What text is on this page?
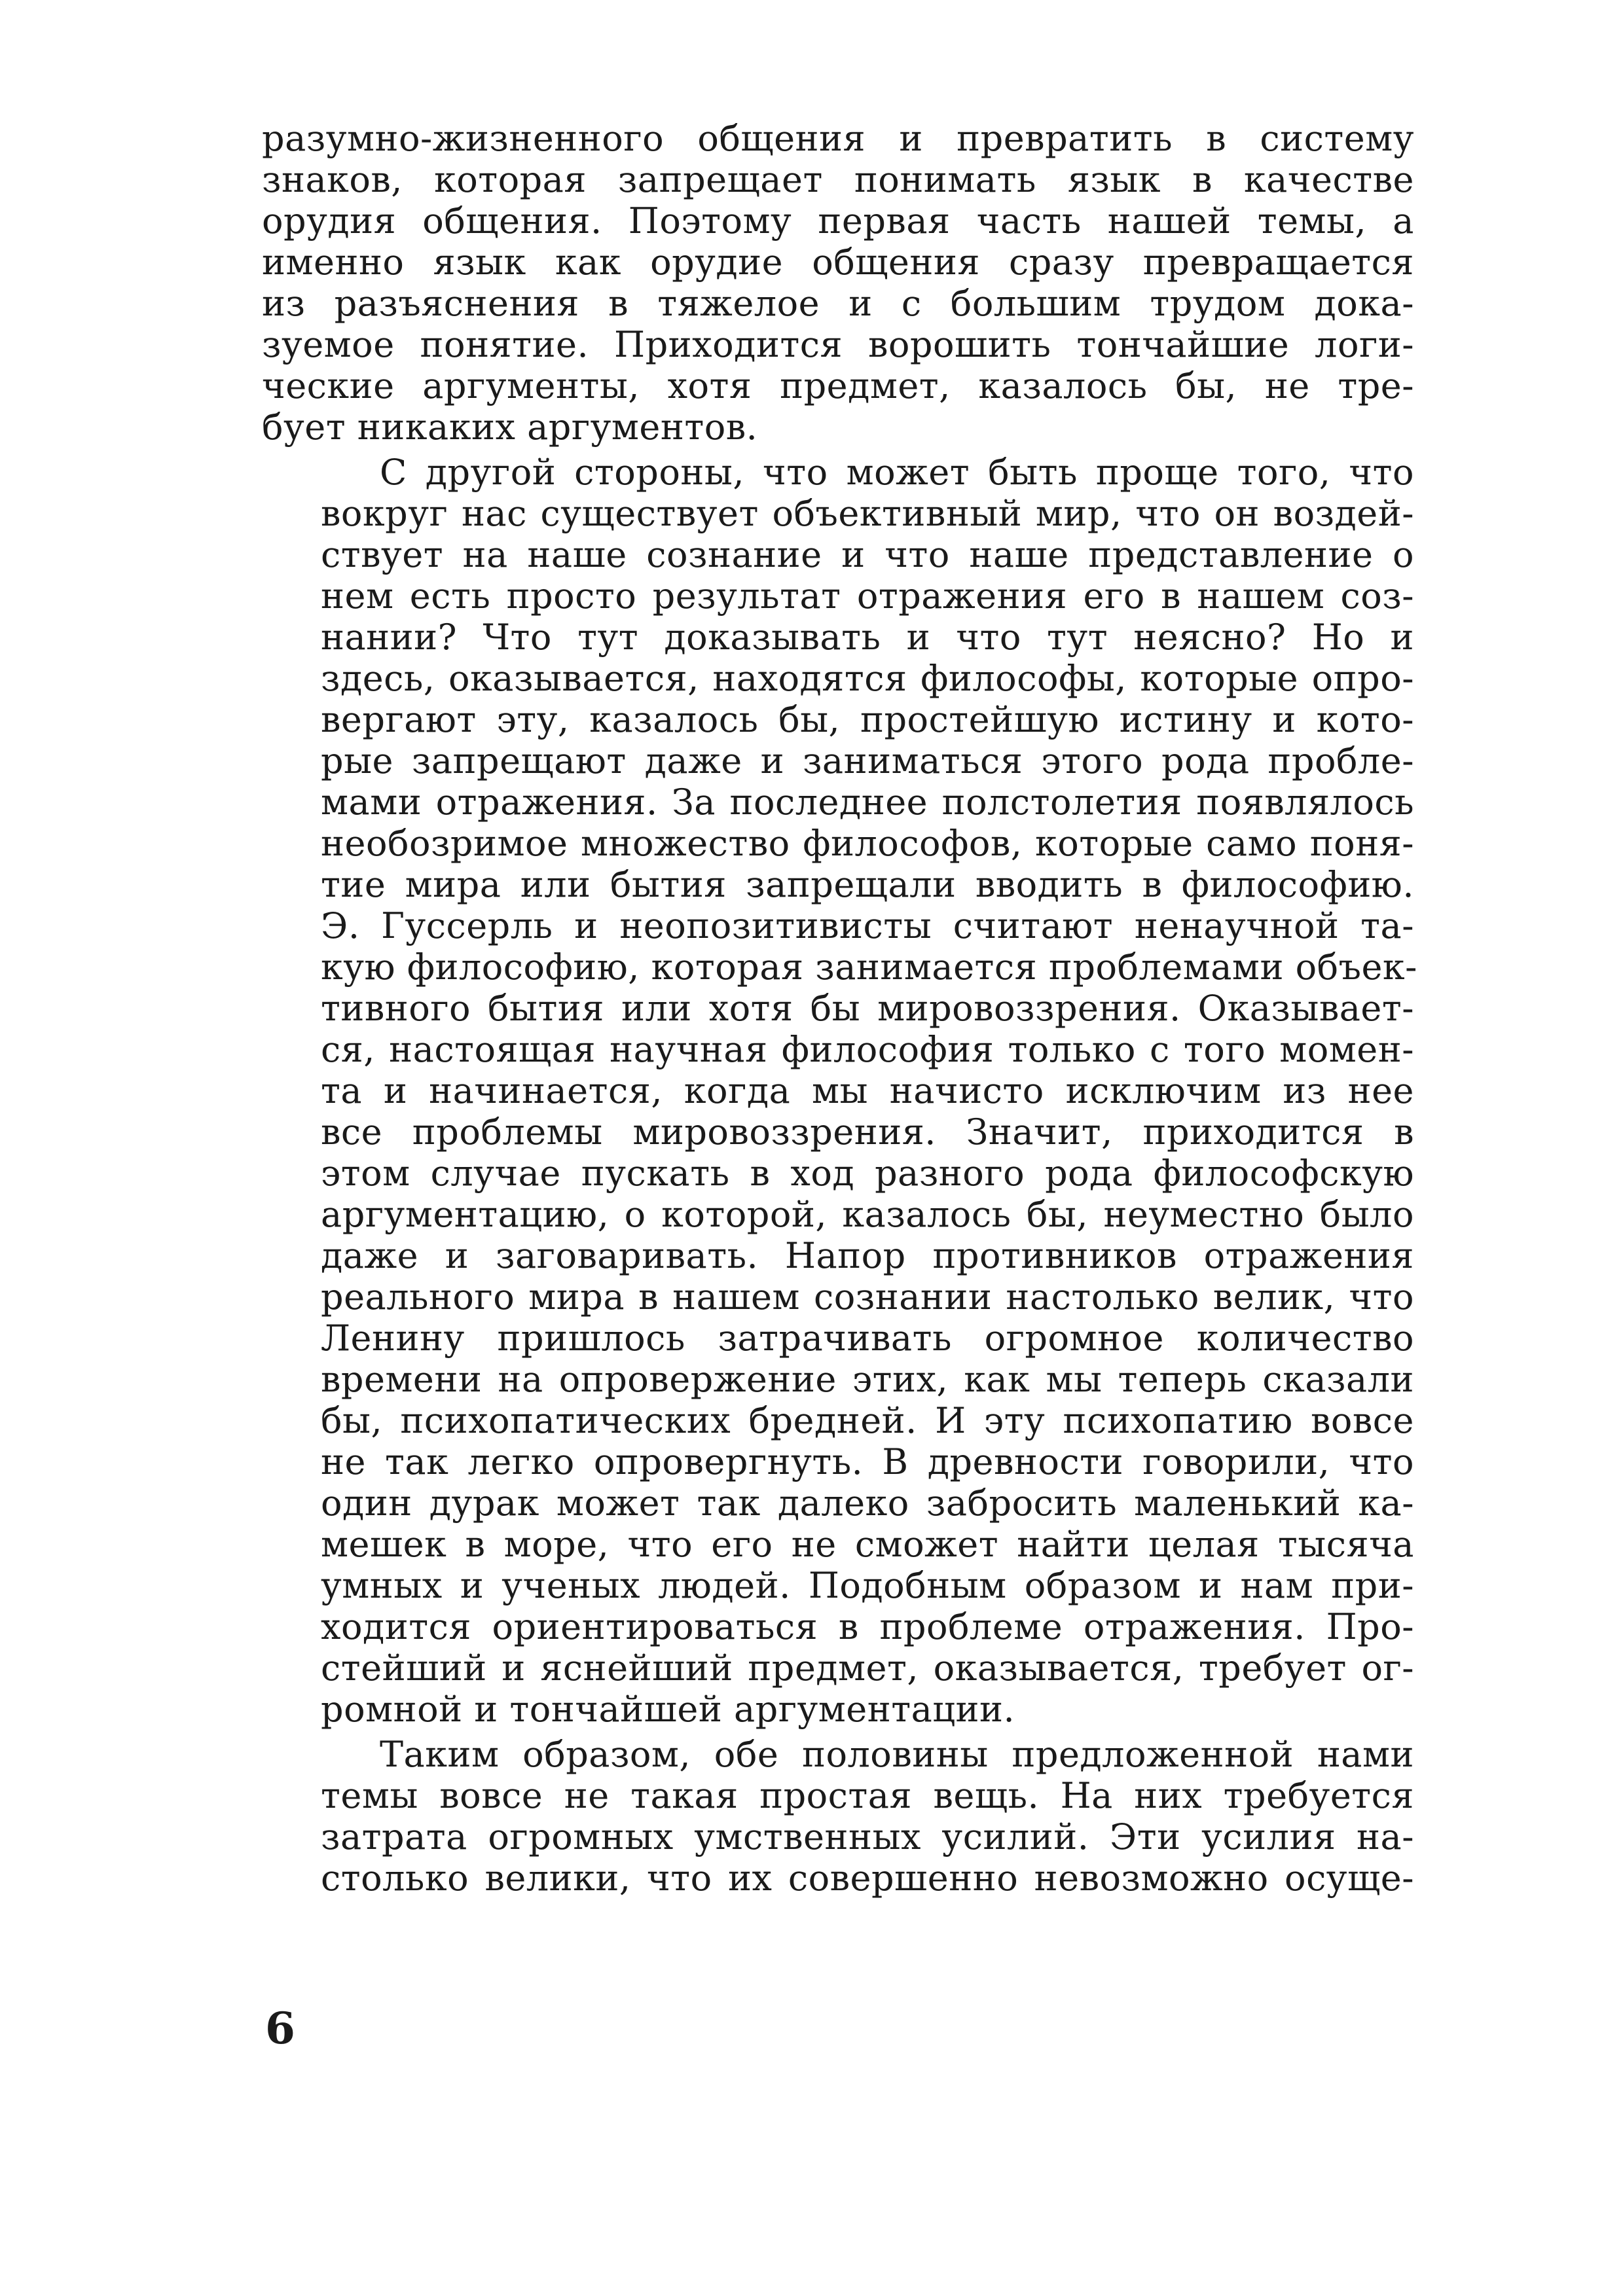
разумно-жизненного общения и превратить в систему
знаков, которая запрещает понимать язык в качестве
орудия общения. Поэтому первая часть нашей темы, а
именно язык как орудие общения сразу превращается
из разъяснения в тяжелое и с большим трудом дока-
зуемое понятие. Приходится ворошить тончайшие логи-
ческие аргументы, хотя предмет, казалось бы, не тре-
бует никаких аргументов.
С другой стороны, что может быть проще того, что
вокруг нас существует объективный мир, что он воздей-
ствует на наше сознание и что наше представление о
нем есть просто результат отражения его в нашем соз-
нании? Что тут доказывать и что тут неясно? Но и
здесь, оказывается, находятся философы, которые опро-
вергают эту, казалось бы, простейшую истину и кото-
рые запрещают даже и заниматься этого рода пробле-
мами отражения. За последнее полстолетия появлялось
необозримое множество философов, которые само поня-
тие мира или бытия запрещали вводить в философию.
Э. Гуссерль и неопозитивисты считают ненаучной та-
кую философию, которая занимается проблемами объек-
тивного бытия или хотя бы мировоззрения. Оказывает-
ся, настоящая научная философия только с того момен-
та и начинается, когда мы начисто исключим из нее
все проблемы мировоззрения. Значит, приходится в
этом случае пускать в ход разного рода философскую
аргументацию, о которой, казалось бы, неуместно было
даже и заговаривать. Напор противников отражения
реального мира в нашем сознании настолько велик, что
Ленину пришлось затрачивать огромное количество
времени на опровержение этих, как мы теперь сказали
бы, психопатических бредней. И эту психопатию вовсе
не так легко опровергнуть. В древности говорили, что
один дурак может так далеко забросить маленький ка-
мешек в море, что его не сможет найти целая тысяча
умных и ученых людей. Подобным образом и нам при-
ходится ориентироваться в проблеме отражения. Про-
стейший и яснейший предмет, оказывается, требует ог-
ромной и тончайшей аргументации.
Таким образом, обе половины предложенной нами
темы вовсе не такая простая вещь. На них требуется
затрата огромных умственных усилий. Эти усилия на-
столько велики, что их совершенно невозможно осуще-
6
